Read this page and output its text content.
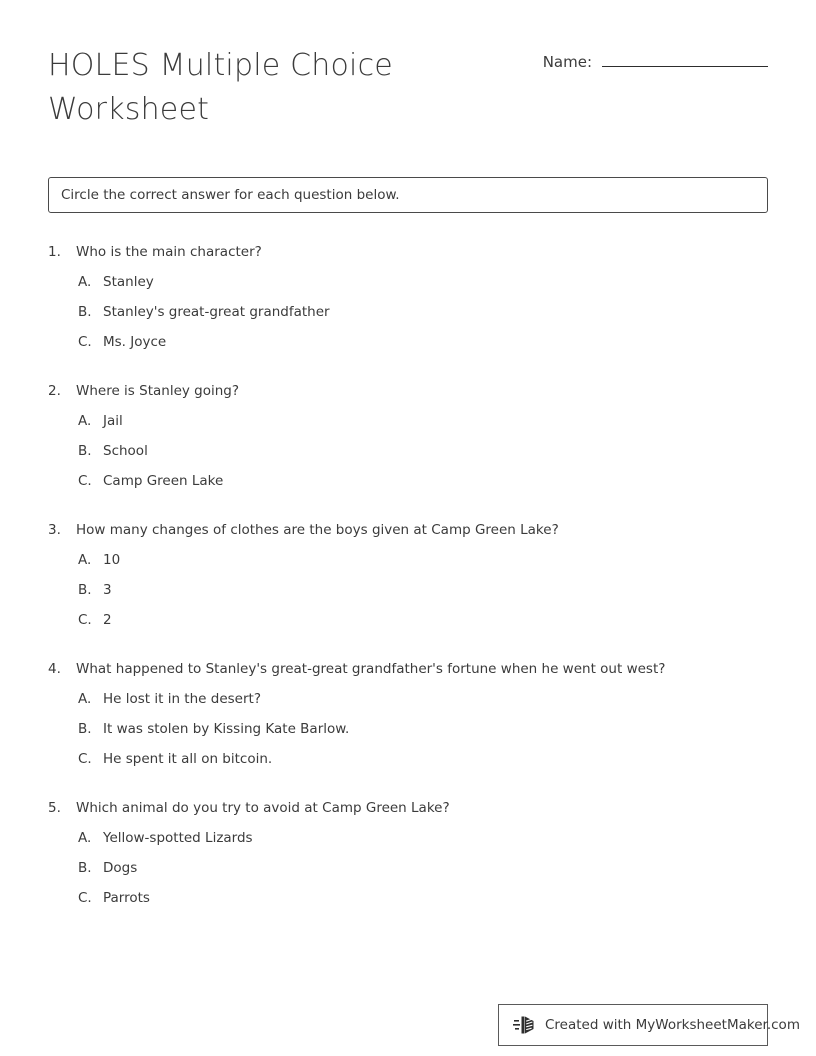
HOLES Multiple Choice Worksheet
Name:
Circle the correct answer for each question below.
1.	Who is the main character?
A. Stanley
B. Stanley's great-great grandfather
C. Ms. Joyce
2.	Where is Stanley going?
A. Jail
B. School
C. Camp Green Lake
3.	How many changes of clothes are the boys given at Camp Green Lake?
A. 10
B. 3
C. 2
4.	What happened to Stanley's great-great grandfather's fortune when he went out west?
A. He lost it in the desert?
B. It was stolen by Kissing Kate Barlow.
C. He spent it all on bitcoin.
5.	Which animal do you try to avoid at Camp Green Lake?
A. Yellow-spotted Lizards
B. Dogs
C. Parrots
Created with MyWorksheetMaker.com
